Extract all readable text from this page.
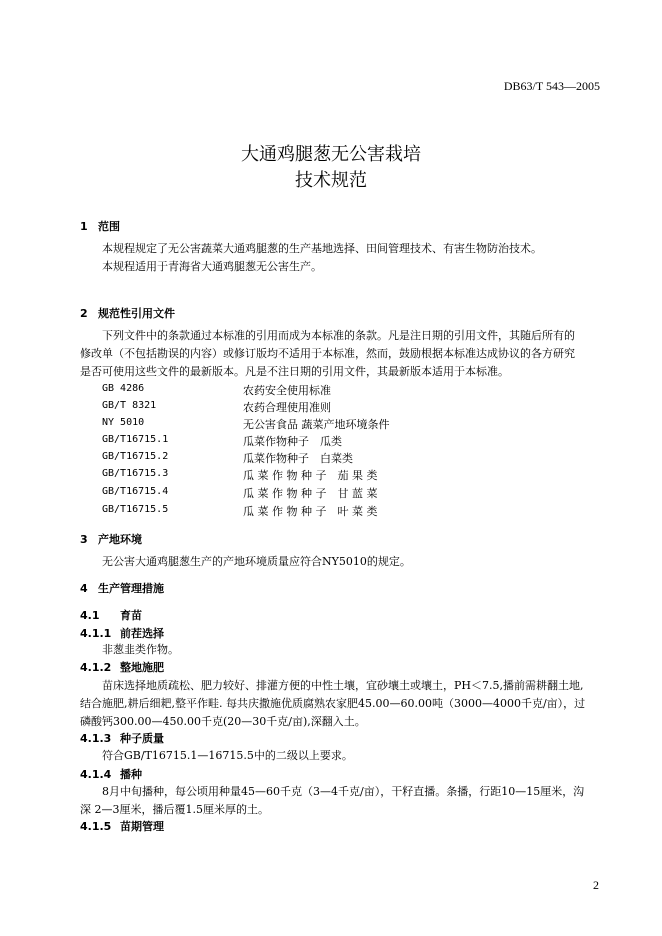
DB63/T 543—2005
大通鸡腿葱无公害栽培
技术规范
1 范围
本规程规定了无公害蔬菜大通鸡腿葱的生产基地选择、田间管理技术、有害生物防治技术。
本规程适用于青海省大通鸡腿葱无公害生产。
2 规范性引用文件
下列文件中的条款通过本标准的引用而成为本标准的条款。凡是注日期的引用文件，其随后所有的
修改单（不包括勘误的内容）或修订版均不适用于本标准，然而，鼓励根据本标准达成协议的各方研究
是否可使用这些文件的最新版本。凡是不注日期的引用文件，其最新版本适用于本标准。
GB 4286	农药安全使用标准
GB/T 8321	农药合理使用准则
NY 5010	无公害食品 蔬菜产地环境条件
GB/T16715.1	瓜菜作物种子　瓜类
GB/T16715.2	瓜菜作物种子　白菜类
GB/T16715.3	瓜 菜 作 物 种 子　茄 果 类
GB/T16715.4	瓜 菜 作 物 种 子　甘 蓝 菜
GB/T16715.5	瓜 菜 作 物 种 子　叶 菜 类
3 产地环境
无公害大通鸡腿葱生产的产地环境质量应符合NY5010的规定。
4 生产管理措施
4.1 育苗
4.1.1 前茬选择
非葱韭类作物。
4.1.2 整地施肥
苗床选择地质疏松、肥力较好、排灌方便的中性土壤，宜砂壤土或壤土，PH＜7.5,播前需耕翻土地,
结合施肥,耕后细耙,整平作畦. 每共庆撒施优质腐熟农家肥45.00—60.00吨（3000—4000千克/亩），过
磷酸钙300.00—450.00千克(20—30千克/亩),深翻入土。
4.1.3 种子质量
符合GB/T16715.1—16715.5中的二级以上要求。
4.1.4 播种
8月中旬播种，每公顷用种量45—60千克（3—4千克/亩），干籽直播。条播，行距10—15厘米，沟
深 2—3厘米，播后覆1.5厘米厚的土。
4.1.5 苗期管理
2
